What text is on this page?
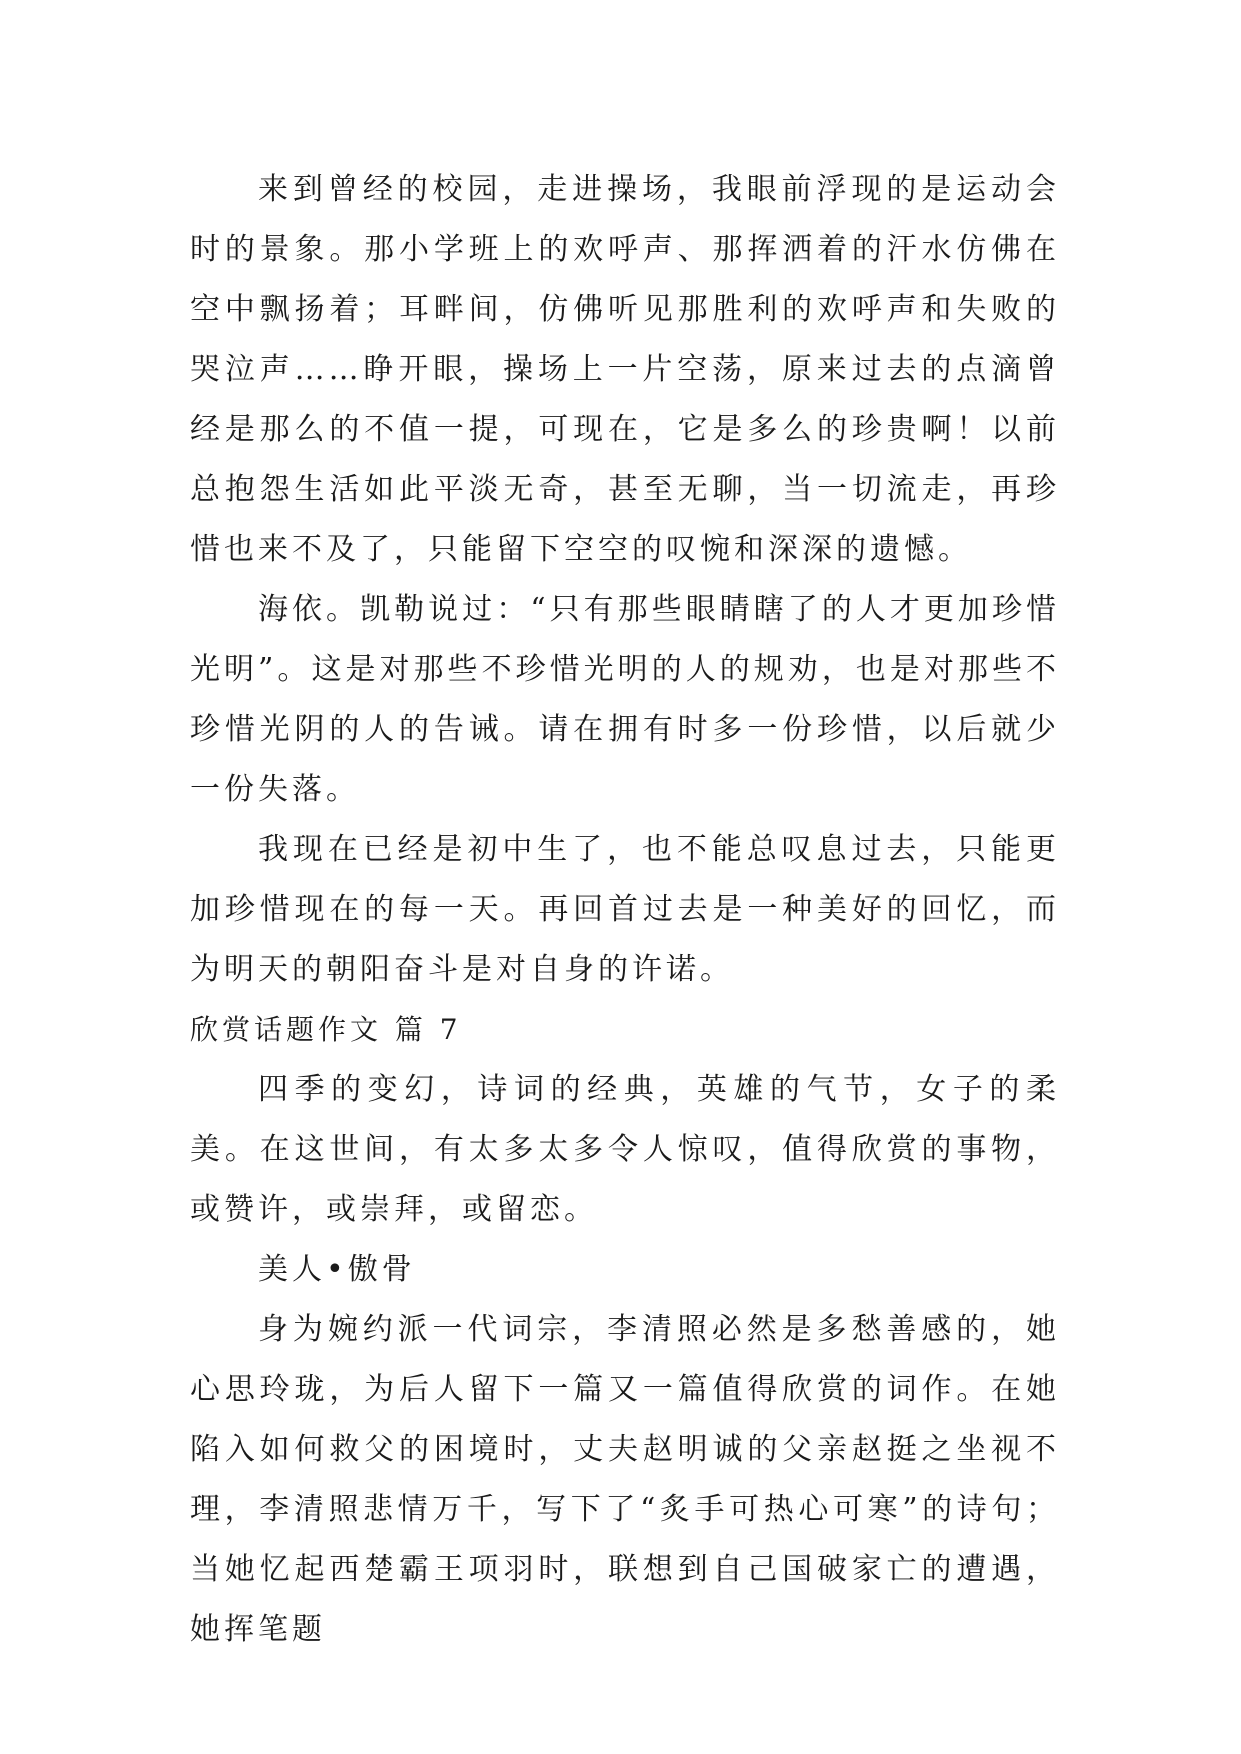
来到曾经的校园，走进操场，我眼前浮现的是运动会时的景象。那小学班上的欢呼声、那挥洒着的汗水仿佛在空中飘扬着；耳畔间，仿佛听见那胜利的欢呼声和失败的哭泣声……睁开眼，操场上一片空荡，原来过去的点滴曾经是那么的不值一提，可现在，它是多么的珍贵啊！以前总抱怨生活如此平淡无奇，甚至无聊，当一切流走，再珍惜也来不及了，只能留下空空的叹惋和深深的遗憾。

海依。凯勒说过：“只有那些眼睛瞎了的人才更加珍惜光明”。这是对那些不珍惜光明的人的规劝，也是对那些不珍惜光阴的人的告诫。请在拥有时多一份珍惜，以后就少一份失落。

我现在已经是初中生了，也不能总叹息过去，只能更加珍惜现在的每一天。再回首过去是一种美好的回忆，而为明天的朝阳奋斗是对自身的许诺。

欣赏话题作文 篇 7

四季的变幻，诗词的经典，英雄的气节，女子的柔美。在这世间，有太多太多令人惊叹，值得欣赏的事物，或赞许，或崇拜，或留恋。

美人•傲骨

身为婉约派一代词宗，李清照必然是多愁善感的，她心思玲珑，为后人留下一篇又一篇值得欣赏的词作。在她陷入如何救父的困境时，丈夫赵明诚的父亲赵挺之坐视不理，李清照悲情万千，写下了“炙手可热心可寒”的诗句；当她忆起西楚霸王项羽时，联想到自己国破家亡的遭遇，她挥笔题
